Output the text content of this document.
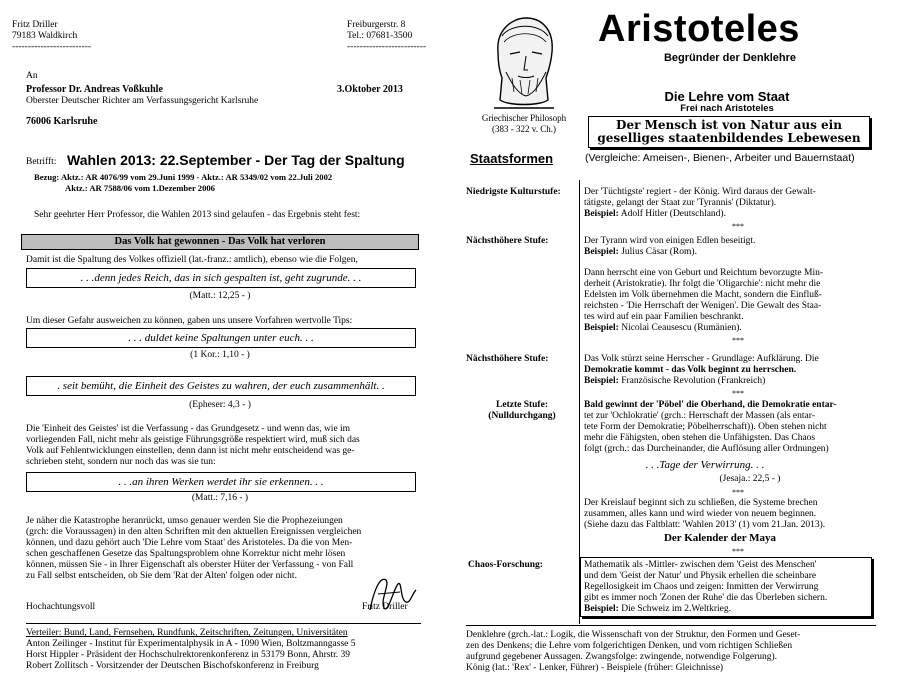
Fritz Driller
79183 Waldkirch
-------------------------
Freiburgerstr. 8
Tel.: 07681-3500
-------------------------
An
Professor Dr. Andreas Voßkuhle	3.Oktober 2013
Oberster Deutscher Richter am Verfassungsgericht Karlsruhe
76006 Karlsruhe
Betrifft: Wahlen 2013: 22.September - Der Tag der Spaltung
Bezug: Aktz.: AR 4076/99 vom 29.Juni 1999 - Aktz.: AR 5349/02 vom 22.Juli 2002
Aktz.: AR 7588/06 vom 1.Dezember 2006
Sehr geehrter Herr Professor, die Wahlen 2013 sind gelaufen - das Ergebnis steht fest:
Das Volk hat gewonnen - Das Volk hat verloren
Damit ist die Spaltung des Volkes offiziell (lat.-franz.: amtlich), ebenso wie die Folgen,
. . .denn jedes Reich, das in sich gespalten ist, geht zugrunde. . .
(Matt.: 12,25 - )
Um dieser Gefahr ausweichen zu können, gaben uns unsere Vorfahren wertvolle Tips:
. . . duldet keine Spaltungen unter euch. . .
(1 Kor.: 1,10 - )
. seit bemüht, die Einheit des Geistes zu wahren, der euch zusammenhält. .
(Epheser: 4,3 - )
Die 'Einheit des Geistes' ist die Verfassung - das Grundgesetz - und wenn das, wie im
vorliegenden Fall, nicht mehr als geistige Führungsgröße respektiert wird, muß sich das
Volk auf Fehlentwicklungen einstellen, denn dann ist nicht mehr entscheidend was ge-
schrieben steht, sondern nur noch das was sie tun:
. . .an ihren Werken werdet ihr sie erkennen. . .
(Matt.: 7,16 - )
Je näher die Katastrophe heranrückt, umso genauer werden Sie die Prophezeiungen
(grch: die Voraussagen) in den alten Schriften mit den aktuellen Ereignissen vergleichen
können, und dazu gehört auch 'Die Lehre vom Staat' des Aristoteles. Da die von Men-
schen geschaffenen Gesetze das Spaltungsproblem ohne Korrektur nicht mehr lösen
können, müssen Sie - in Ihrer Eigenschaft als oberster Hüter der Verfassung - von Fall
zu Fall selbst entscheiden, ob Sie dem 'Rat der Alten' folgen oder nicht.
Hochachtungsvoll	Fritz Driller
Verteiler: Bund, Land, Fernsehen, Rundfunk, Zeitschriften, Zeitungen, Universitäten
Anton Zeilinger - Institut für Experimentalphysik in A - 1090 Wien, Boltzmanngasse 5
Horst Hippler - Präsident der Hochschulrektorenkonferenz in 53179 Bonn, Ahrstr. 39
Robert Zollitsch - Vorsitzender der Deutschen Bischofskonferenz in Freiburg
Griechischer Philosoph
(383 - 322 v. Ch.)
Aristoteles
Begründer der Denklehre
Die Lehre vom Staat
Frei nach Aristoteles
Der Mensch ist von Natur aus ein
geselliges staatenbildendes Lebewesen
Staatsformen	(Vergleiche: Ameisen-, Bienen-, Arbeiter und Bauernstaat)
Niedrigste Kulturstufe:	Der 'Tüchtigste' regiert - der König. Wird daraus der Gewalt-
tätigste, gelangt der Staat zur 'Tyrannis' (Diktatur).
Beispiel: Adolf Hitler (Deutschland).
***
Nächsthöhere Stufe:	Der Tyrann wird von einigen Edlen beseitigt.
Beispiel: Julius Cäsar (Rom).
Dann herrscht eine von Geburt und Reichtum bevorzugte Min-
derheit (Aristokratie). Ihr folgt die 'Oligarchie': nicht mehr die
Edelsten im Volk übernehmen die Macht, sondern die Einfluß-
reichsten - 'Die Herrschaft der Wenigen'. Die Gewalt des Staa-
tes wird auf ein paar Familien beschrankt.
Beispiel: Nicolai Ceausescu (Rumänien).
***
Nächsthöhere Stufe:	Das Volk stürzt seine Herrscher - Grundlage: Aufklärung. Die
Demokratie kommt - das Volk beginnt zu herrschen.
Beispiel: Französische Revolution (Frankreich)
***
Letzte Stufe:
(Nulldurchgang)
Bald gewinnt der 'Pöbel' die Oberhand, die Demokratie entar-
tet zur 'Ochlokratie' (grch.: Herrschaft der Massen (als entar-
tete Form der Demokratie; Pöbelherrschaft)). Oben stehen nicht
mehr die Fähigsten, oben stehen die Unfähigsten. Das Chaos
folgt (grch.: das Durcheinander, die Auflösung aller Ordnungen)
. . .Tage der Verwirrung. . .
(Jesaja.: 22,5 - )
***
Der Kreislauf beginnt sich zu schließen, die Systeme brechen
zusammen, alles kann und wird wieder von neuem beginnen.
(Siehe dazu das Faltblatt: 'Wahlen 2013' (1) vom 21.Jan. 2013).
Der Kalender der Maya
***
Chaos-Forschung:	Mathematik als -Mittler- zwischen dem 'Geist des Menschen'
und dem 'Geist der Natur' und Physik erhellen die scheinbare
Regellosigkeit im Chaos und zeigen: Inmitten der Verwirrung
gibt es immer noch 'Zonen der Ruhe' die das Überleben sichern.
Beispiel: Die Schweiz im 2.Weltkrieg.
Denklehre (grch.-lat.: Logik, die Wissenschaft von der Struktur, den Formen und Geset-
zen des Denkens; die Lehre vom folgerichtigen Denken, und vom richtigen Schließen
aufgrund gegebener Aussagen. Zwangsfolge: zwingende, notwendige Folgerung).
König (lat.: 'Rex' - Lenker, Führer) - Beispiele (früher: Gleichnisse)
